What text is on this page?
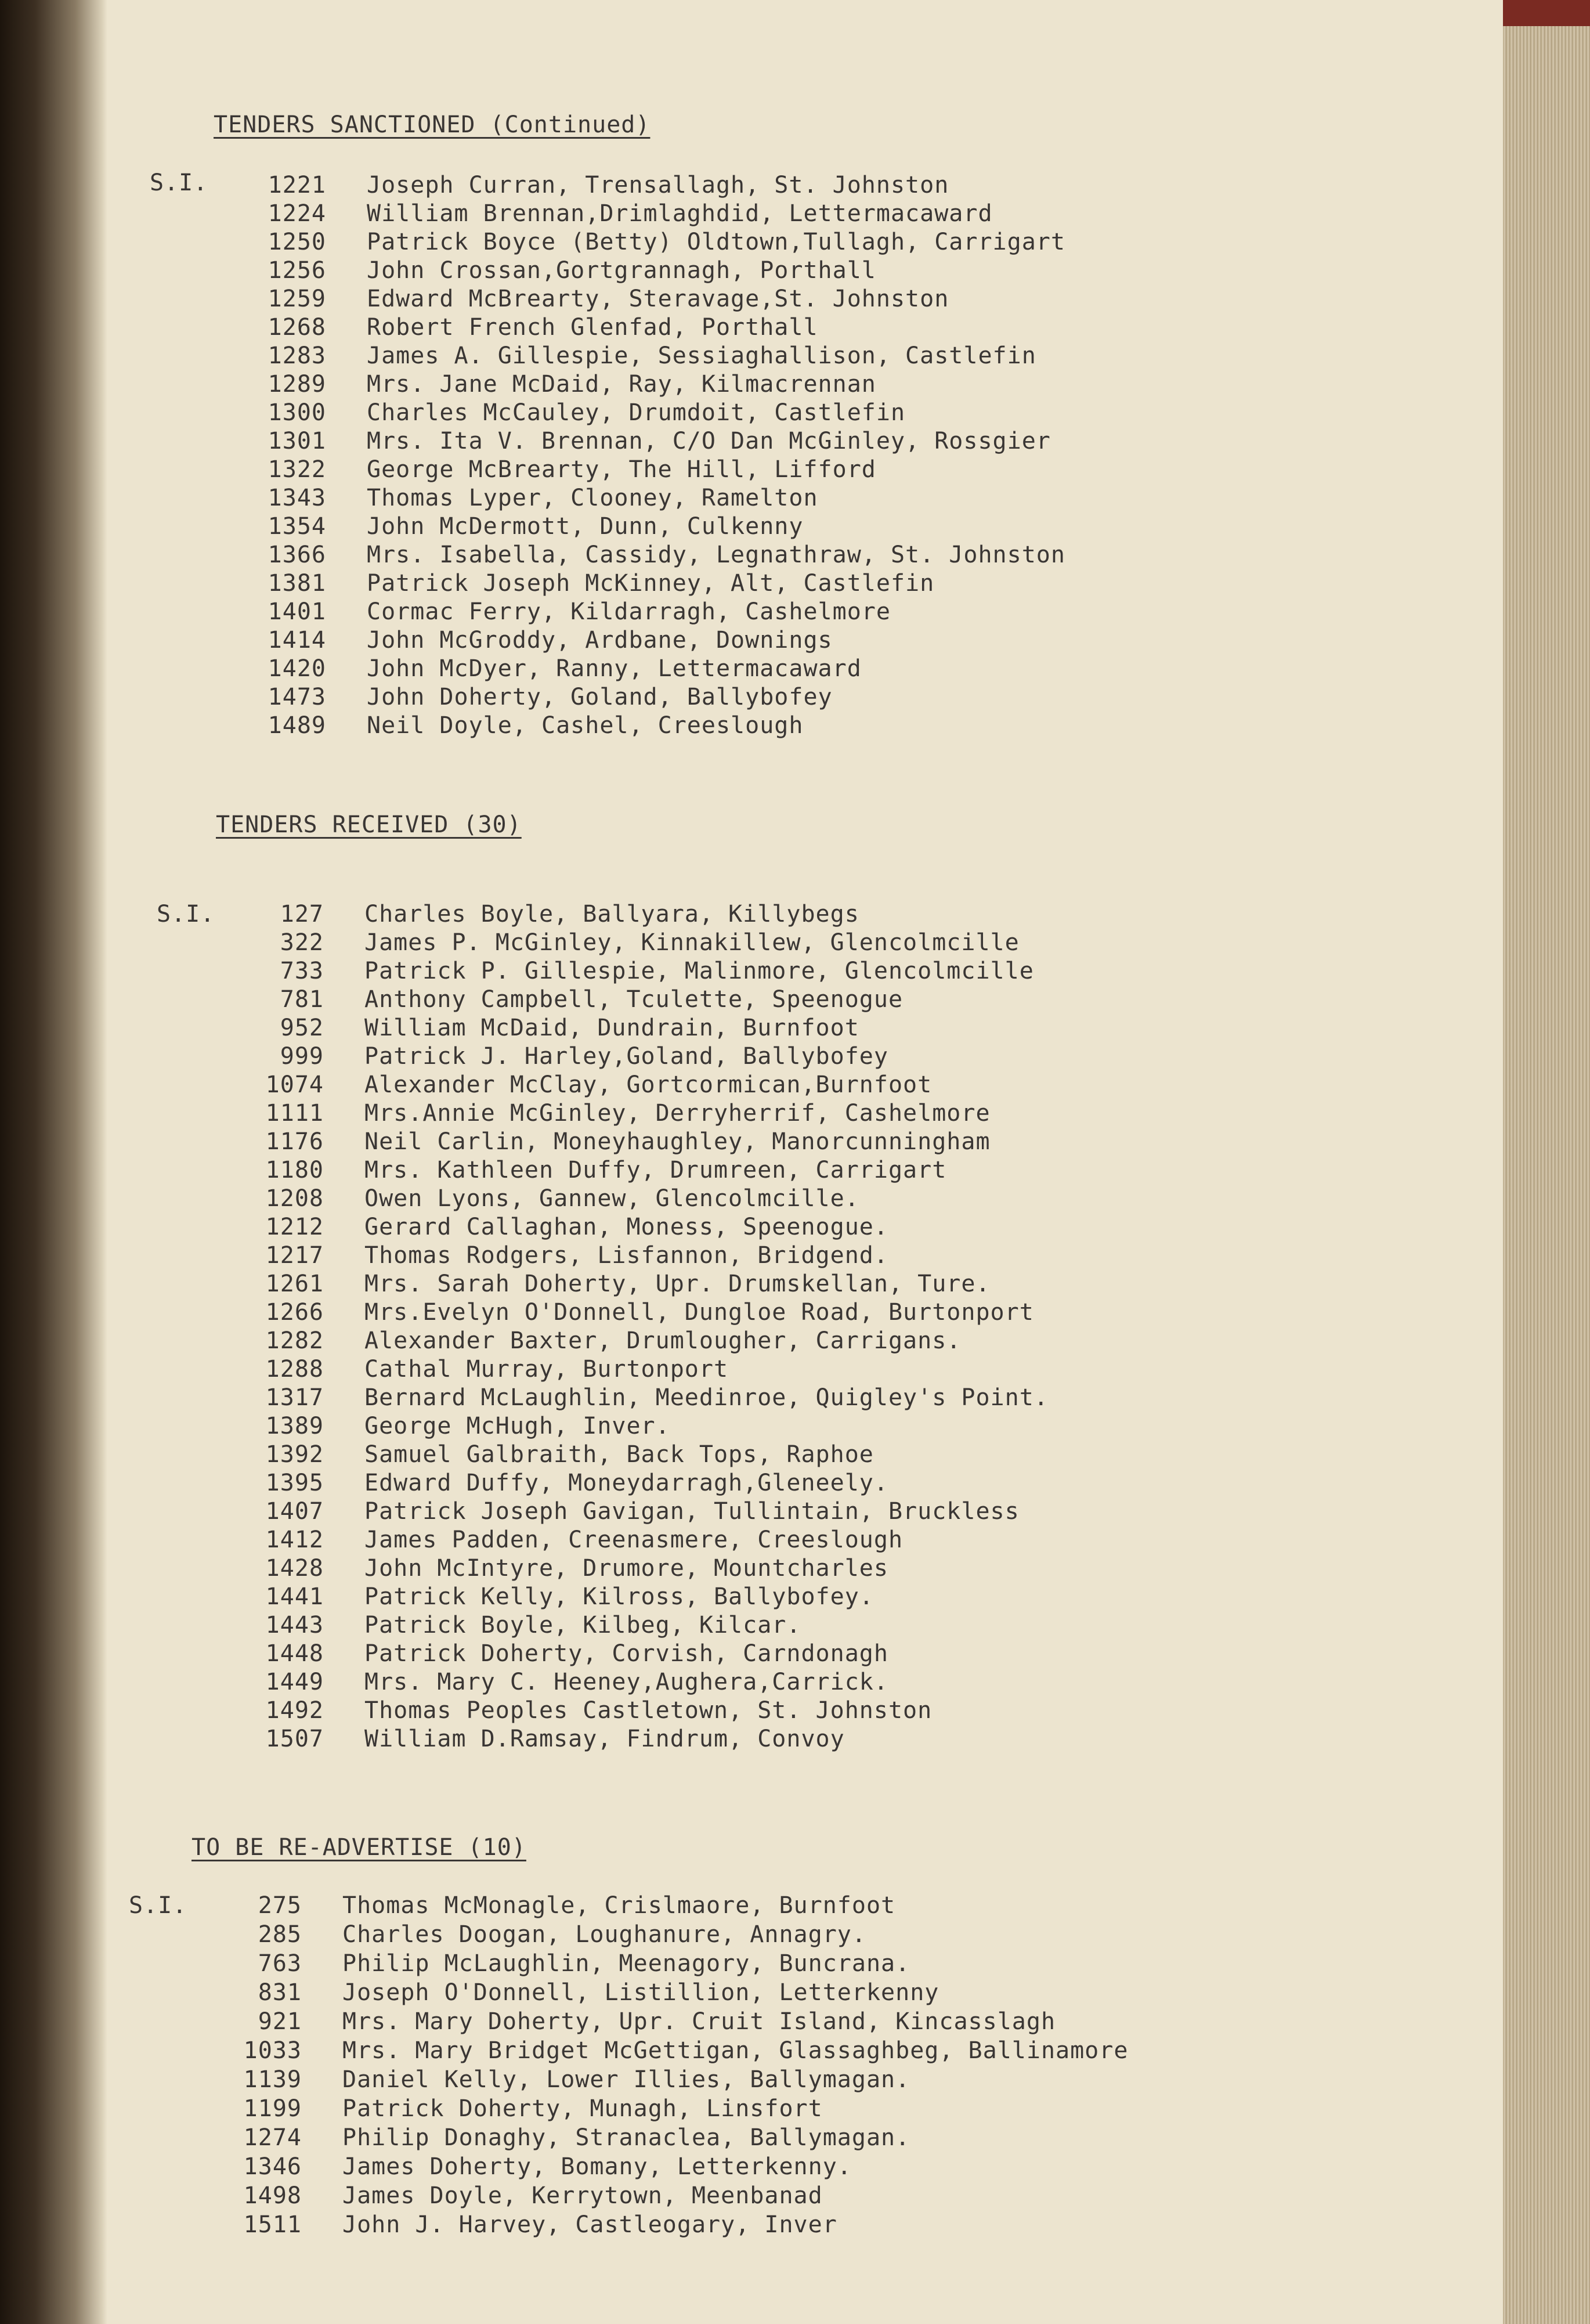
TENDERS SANCTIONED (Continued)
S.I.	1221 Joseph Curran, Trensallagh, St. Johnston
1224 William Brennan,Drimlaghdid, Lettermacaward
1250 Patrick Boyce (Betty) Oldtown,Tullagh, Carrigart
1256 John Crossan,Gortgrannagh, Porthall
1259 Edward McBrearty, Steravage,St. Johnston
1268 Robert French Glenfad, Porthall
1283 James A. Gillespie, Sessiaghallison, Castlefin
1289 Mrs. Jane McDaid, Ray, Kilmacrennan
1300 Charles McCauley, Drumdoit, Castlefin
1301 Mrs. Ita V. Brennan, C/O Dan McGinley, Rossgier
1322 George McBrearty, The Hill, Lifford
1343 Thomas Lyper, Clooney, Ramelton
1354 John McDermott, Dunn, Culkenny
1366 Mrs. Isabella, Cassidy, Legnathraw, St. Johnston
1381 Patrick Joseph McKinney, Alt, Castlefin
1401 Cormac Ferry, Kildarragh, Cashelmore
1414 John McGroddy, Ardbane, Downings
1420 John McDyer, Ranny, Lettermacaward
1473 John Doherty, Goland, Ballybofey
1489 Neil Doyle, Cashel, Creeslough
TENDERS RECEIVED (30)
S.I.	127 Charles Boyle, Ballyara, Killybegs
322 James P. McGinley, Kinnakillew, Glencolmcille
733 Patrick P. Gillespie, Malinmore, Glencolmcille
781 Anthony Campbell, Tculette, Speenogue
952 William McDaid, Dundrain, Burnfoot
999 Patrick J. Harley,Goland, Ballybofey
1074 Alexander McClay, Gortcormican,Burnfoot
1111 Mrs.Annie McGinley, Derryherrif, Cashelmore
1176 Neil Carlin, Moneyhaughley, Manorcunningham
1180 Mrs. Kathleen Duffy, Drumreen, Carrigart
1208 Owen Lyons, Gannew, Glencolmcille.
1212 Gerard Callaghan, Moness, Speenogue.
1217 Thomas Rodgers, Lisfannon, Bridgend.
1261 Mrs. Sarah Doherty, Upr. Drumskellan, Ture.
1266 Mrs.Evelyn O'Donnell, Dungloe Road, Burtonport
1282 Alexander Baxter, Drumlougher, Carrigans.
1288 Cathal Murray, Burtonport
1317 Bernard McLaughlin, Meedinroe, Quigley's Point.
1389 George McHugh, Inver.
1392 Samuel Galbraith, Back Tops, Raphoe
1395 Edward Duffy, Moneydarragh,Gleneely.
1407 Patrick Joseph Gavigan, Tullintain, Bruckless
1412 James Padden, Creenasmere, Creeslough
1428 John McIntyre, Drumore, Mountcharles
1441 Patrick Kelly, Kilross, Ballybofey.
1443 Patrick Boyle, Kilbeg, Kilcar.
1448 Patrick Doherty, Corvish, Carndonagh
1449 Mrs. Mary C. Heeney,Aughera,Carrick.
1492 Thomas Peoples Castletown, St. Johnston
1507 William D.Ramsay, Findrum, Convoy
TO BE RE-ADVERTISE (10)
S.I.	275 Thomas McMonagle, Crislmaore, Burnfoot
285 Charles Doogan, Loughanure, Annagry.
763 Philip McLaughlin, Meenagory, Buncrana.
831 Joseph O'Donnell, Listillion, Letterkenny
921 Mrs. Mary Doherty, Upr. Cruit Island, Kincasslagh
1033 Mrs. Mary Bridget McGettigan, Glassaghbeg, Ballinamore
1139 Daniel Kelly, Lower Illies, Ballymagan.
1199 Patrick Doherty, Munagh, Linsfort
1274 Philip Donaghy, Stranaclea, Ballymagan.
1346 James Doherty, Bomany, Letterkenny.
1498 James Doyle, Kerrytown, Meenbanad
1511 John J. Harvey, Castleogary, Inver
